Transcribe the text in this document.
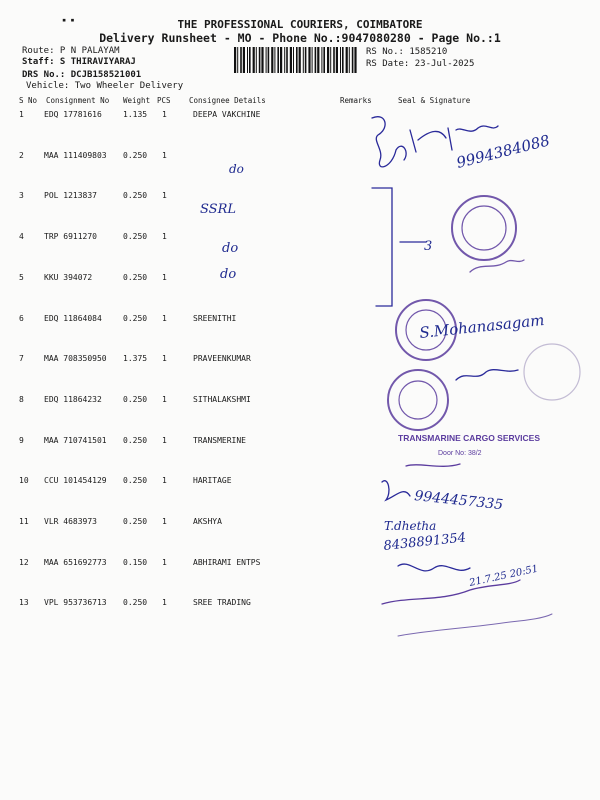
▪ ▪	THE PROFESSIONAL COURIERS, COIMBATORE
Delivery Runsheet - MO - Phone No.:9047080280 - Page No.:1
Route: P N PALAYAM
Staff: S THIRAVIYARAJ
DRS No.: DCJB158521001
Vehicle: Two Wheeler Delivery
RS No.: 1585210
RS Date: 23-Jul-2025
S No Consignment No Weight PCS Consignee Details	Remarks	Seal & Signature
1	EDQ 17781616	1.135 1	DEEPA VAKCHINE
2	MAA 111409803 0.250 1
3	POL 1213837	0.250 1
4	TRP 6911270	0.250 1
5	KKU 394072	0.250 1
6	EDQ 11864084	0.250 1	SREENITHI
7	MAA 708350950 1.375 1	PRAVEENKUMAR
8	EDQ 11864232	0.250 1	SITHALAKSHMI
9	MAA 710741501 0.250 1	TRANSMERINE
10 CCU 101454129 0.250 1	HARITAGE
11 VLR 4683973	0.250 1	AKSHYA
12 MAA 651692773 0.150 1	ABHIRAMI ENTPS
13 VPL 953736713 0.250 1	SREE TRADING
9994384088
do
SSRL
do
do
3
S.Mohanasagam
TRANSMARINE CARGO SERVICES
Door No: 38/2
9944457335
T.dhetha
8438891354
21.7.25 20:51
